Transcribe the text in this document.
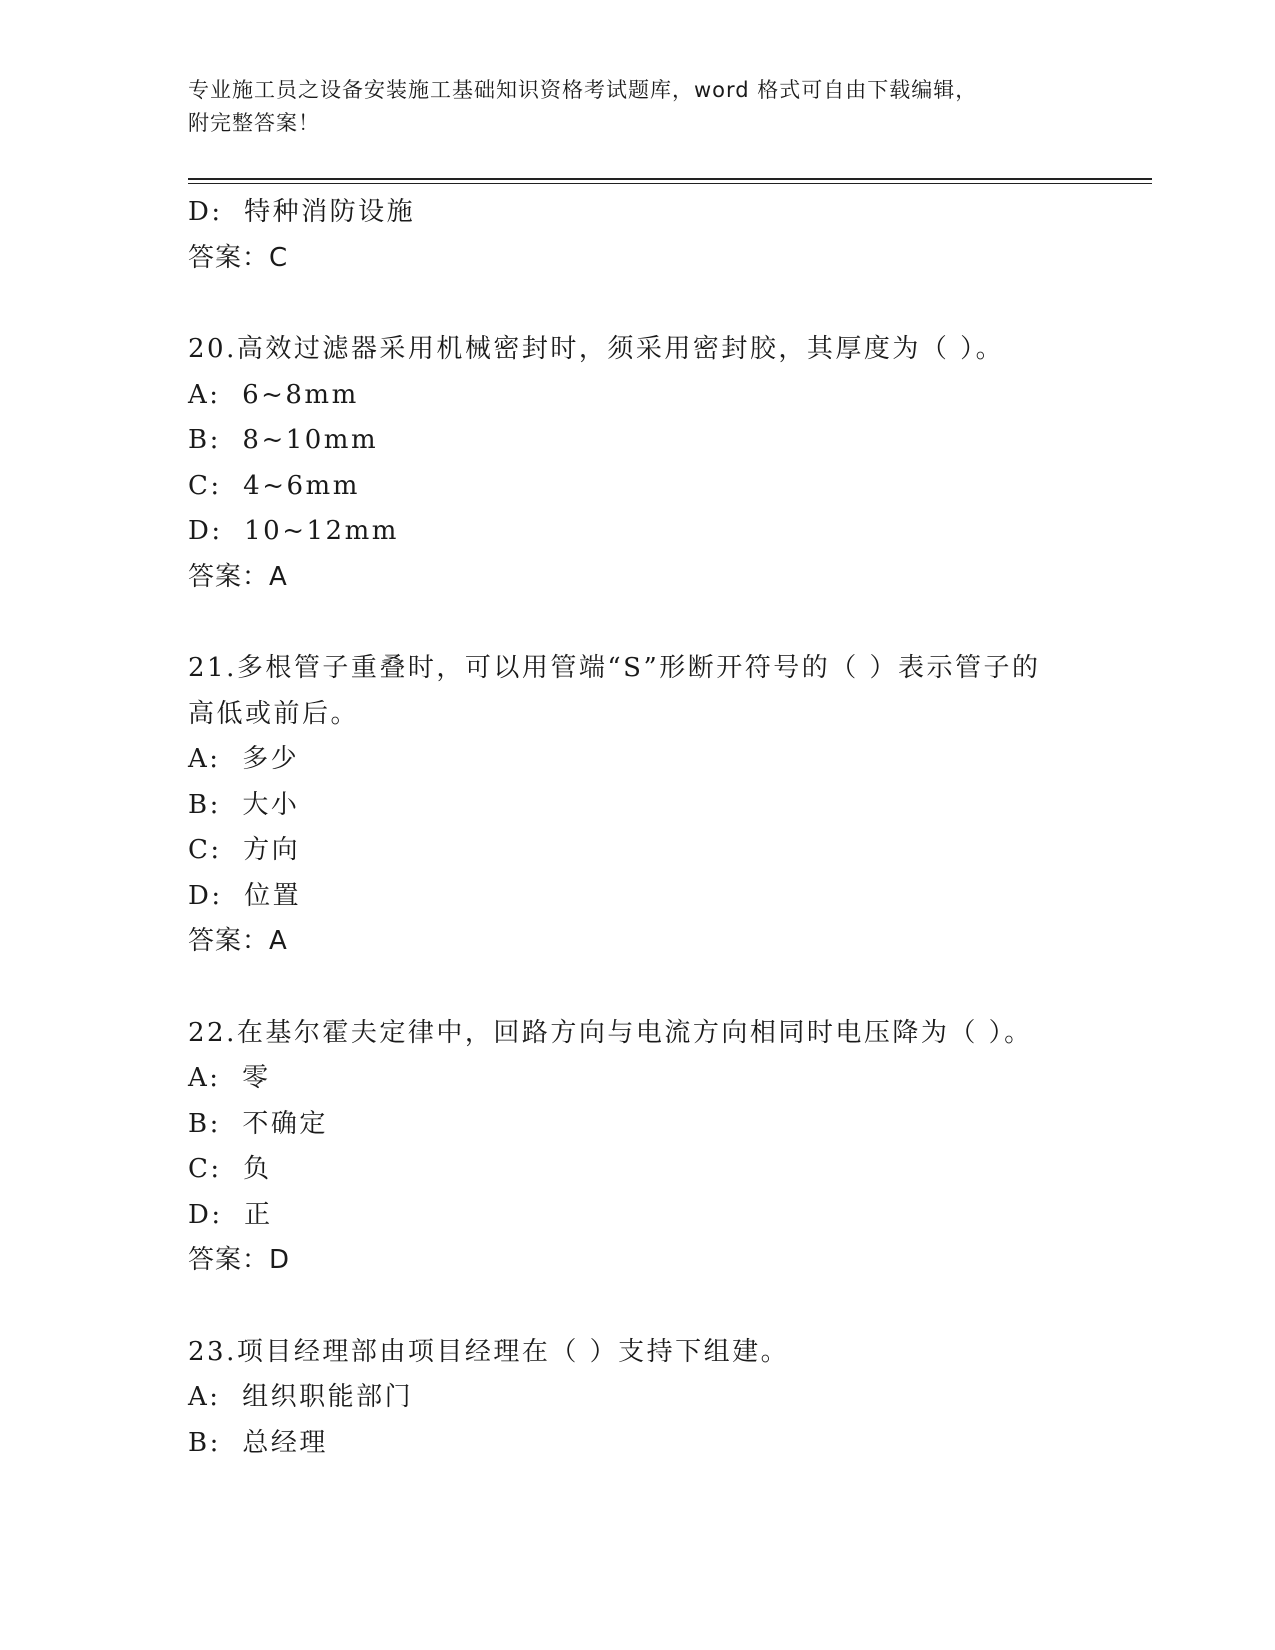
专业施工员之设备安装施工基础知识资格考试题库，word 格式可自由下载编辑，
附完整答案！
D:  特种消防设施
答案：C
20.高效过滤器采用机械密封时，须采用密封胶，其厚度为（ ）。
A:  6~8mm
B:  8~10mm
C:  4~6mm
D:  10~12mm
答案：A
21.多根管子重叠时，可以用管端“S”形断开符号的（ ）表示管子的
高低或前后。
A:  多少
B:  大小
C:  方向
D:  位置
答案：A
22.在基尔霍夫定律中，回路方向与电流方向相同时电压降为（ ）。
A:  零
B:  不确定
C:  负
D:  正
答案：D
23.项目经理部由项目经理在（ ）支持下组建。
A:  组织职能部门
B:  总经理
